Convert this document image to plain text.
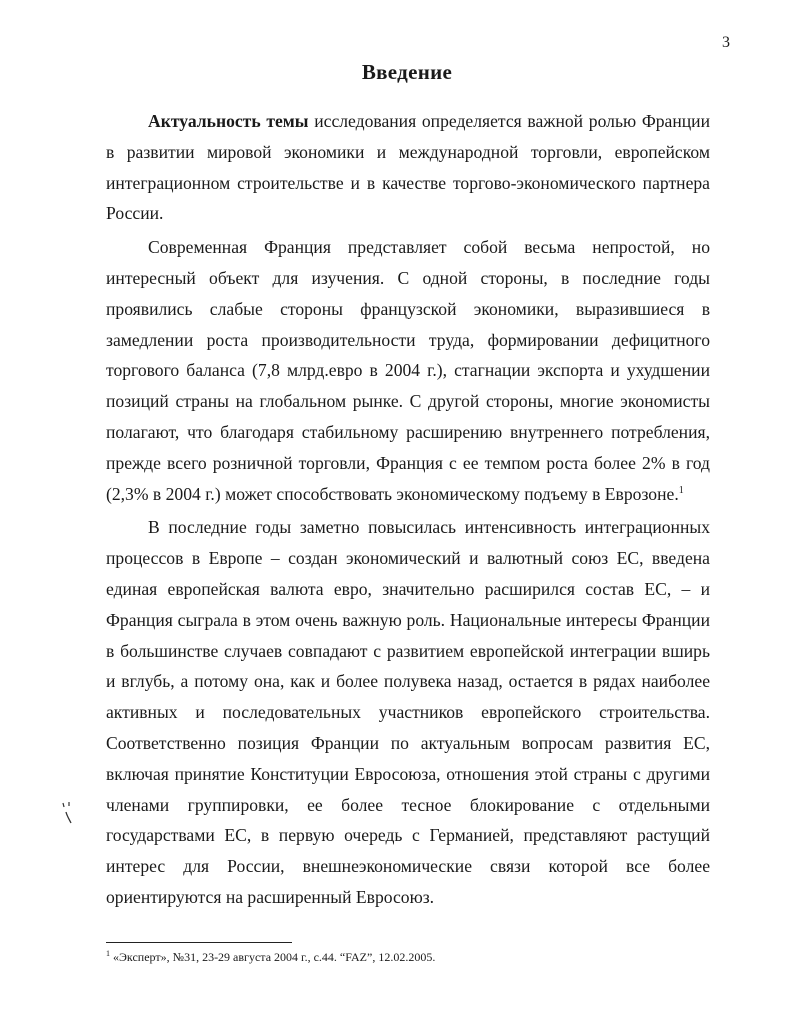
3
Введение

Актуальность темы исследования определяется важной ролью Франции в развитии мировой экономики и международной торговли, европейском интеграционном строительстве и в качестве торгово-экономического партнера России.

Современная Франция представляет собой весьма непростой, но интересный объект для изучения. С одной стороны, в последние годы проявились слабые стороны французской экономики, выразившиеся в замедлении роста производительности труда, формировании дефицитного торгового баланса (7,8 млрд.евро в 2004 г.), стагнации экспорта и ухудшении позиций страны на глобальном рынке. С другой стороны, многие экономисты полагают, что благодаря стабильному расширению внутреннего потребления, прежде всего розничной торговли, Франция с ее темпом роста более 2% в год (2,3% в 2004 г.) может способствовать экономическому подъему в Еврозоне.$^1$

В последние годы заметно повысилась интенсивность интеграционных процессов в Европе – создан экономический и валютный союз ЕС, введена единая европейская валюта евро, значительно расширился состав ЕС, – и Франция сыграла в этом очень важную роль. Национальные интересы Франции в большинстве случаев совпадают с развитием европейской интеграции вширь и вглубь, а потому она, как и более полувека назад, остается в рядах наиболее активных и последовательных участников европейского строительства. Соответственно позиция Франции по актуальным вопросам развития ЕС, включая принятие Конституции Евросоюза, отношения этой страны с другими членами группировки, ее более тесное блокирование с отдельными государствами ЕС, в первую очередь с Германией, представляют растущий интерес для России, внешнеэкономические связи которой все более ориентируются на расширенный Евросоюз.

$^1$ «Эксперт», №31, 23-29 августа 2004 г., с.44. “FAZ”, 12.02.2005.
